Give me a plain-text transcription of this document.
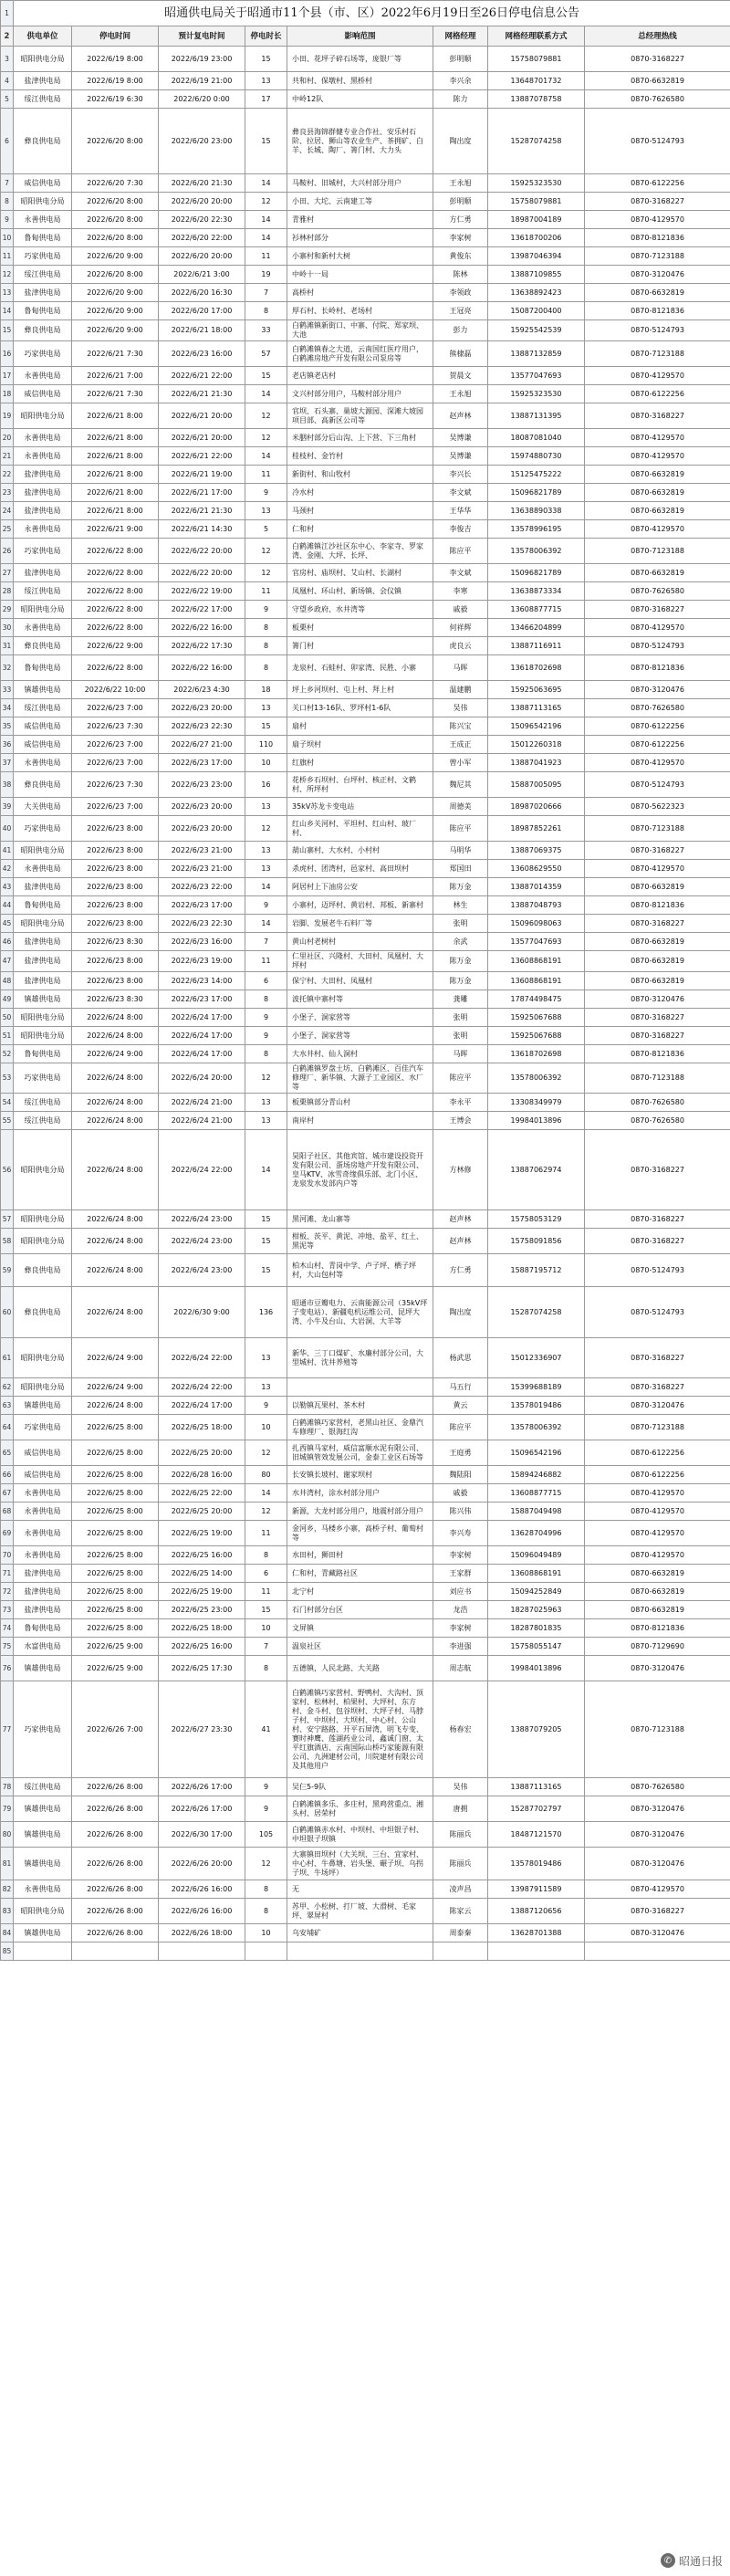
1	昭通供电局关于昭通市11个县（市、区）2022年6月19日至26日停电信息公告							
2	供电单位	停电时间	预计复电时间	停电时长	影响范围	网格经理	网格经理联系方式	总经理热线
3	昭阳供电分局	2022/6/19 8:00	2022/6/19 23:00	15	小田、花坪子碎石场等，庞银厂等	彭明顺	15758079881	0870-3168227
4	盐津供电局	2022/6/19 8:00	2022/6/19 21:00	13	共和村、保墩村、黑桥村	李兴余	13648701732	0870-6632819
5	绥江供电局	2022/6/19 6:30	2022/6/20 0:00	17	中岭12队	陈力	13887078758	0870-7626580
6	彝良供电局	2022/6/20 8:00	2022/6/20 23:00	15	彝良县海锦群健专业合作社、安乐村石阶、拉居、狮山等农业生产、茶拥矿、白羊、长城、陶厂、箐门村、大力头	陶出度	15287074258	0870-5124793
7	威信供电局	2022/6/20 7:30	2022/6/20 21:30	14	马鞍村、旧城村，大兴村部分用户	王永旭	15925323530	0870-6122256
8	昭阳供电分局	2022/6/20 8:00	2022/6/20 20:00	12	小田、大坨、云南建工等	彭明顺	15758079881	0870-3168227
9	永善供电局	2022/6/20 8:00	2022/6/20 22:30	14	青雅村	方仁勇	18987004189	0870-4129570
10	鲁甸供电局	2022/6/20 8:00	2022/6/20 22:00	14	衫林村部分	李家树	13618700206	0870-8121836
11	巧家供电局	2022/6/20 9:00	2022/6/20 20:00	11	小寨村和新村大树	黄俊东	13987046394	0870-7123188
12	绥江供电局	2022/6/20 8:00	2022/6/21 3:00	19	中岭十一局	陈林	13887109855	0870-3120476
13	盐津供电局	2022/6/20 9:00	2022/6/20 16:30	7	高桥村	李领政	13638892423	0870-6632819
14	鲁甸供电局	2022/6/20 9:00	2022/6/20 17:00	8	厚石村、长岭村、老场村	王冠亮	15087200400	0870-8121836
15	彝良供电局	2022/6/20 9:00	2022/6/21 18:00	33	白鹤滩镇新街口、中寨、付院、郑家坝、大池	彭力	15925542539	0870-5124793
16	巧家供电局	2022/6/21 7:30	2022/6/23 16:00	57	白鹤滩镇春之大道，云南国红医疗用户，白鹤滩房地产开发有限公司泵房等	熊棣磊	13887132859	0870-7123188
17	永善供电局	2022/6/21 7:00	2022/6/21 22:00	15	老店镇老店村	贺晨文	13577047693	0870-4129570
18	威信供电局	2022/6/21 7:30	2022/6/21 21:30	14	文兴村部分用户，马鞍村部分用户	王永旭	15925323530	0870-6122256
19	昭阳供电分局	2022/6/21 8:00	2022/6/21 20:00	12	官坝、石头寨、巢坡大源园、深滩大坡园项目部、高新区公司等	赵声林	13887131395	0870-3168227
20	永善供电局	2022/6/21 8:00	2022/6/21 20:00	12	米胭村部分后山沟、上下营、下三角村	吴博谦	18087081040	0870-4129570
21	永善供电局	2022/6/21 8:00	2022/6/21 22:00	14	桂枝村、金竹村	吴博谦	15974880730	0870-4129570
22	盐津供电局	2022/6/21 8:00	2022/6/21 19:00	11	新街村、和山牧村	李兴长	15125475222	0870-6632819
23	盐津供电局	2022/6/21 8:00	2022/6/21 17:00	9	冷水村	李文斌	15096821789	0870-6632819
24	盐津供电局	2022/6/21 8:00	2022/6/21 21:30	13	马颈村	王华华	13638890338	0870-6632819
25	永善供电局	2022/6/21 9:00	2022/6/21 14:30	5	仁和村	李俊吉	13578996195	0870-4129570
26	巧家供电局	2022/6/22 8:00	2022/6/22 20:00	12	白鹤滩镇江沙社区东中心、李家寺、罗家湾、金刚、大坪、长坪、	陈应平	13578006392	0870-7123188
27	盐津供电局	2022/6/22 8:00	2022/6/22 20:00	12	官房村、庙坝村、艾山村、长湖村	李文斌	15096821789	0870-6632819
28	绥江供电局	2022/6/22 8:00	2022/6/22 19:00	11	凤凰村、环山村、新场镇、会仪镇	李寒	13638873334	0870-7626580
29	昭阳供电分局	2022/6/22 8:00	2022/6/22 17:00	9	守望乡政府、水井湾等	戚毅	13608877715	0870-3168227
30	永善供电局	2022/6/22 8:00	2022/6/22 16:00	8	板栗村	何祥辉	13466204899	0870-4129570
31	彝良供电局	2022/6/22 9:00	2022/6/22 17:30	8	箐门村	虎良云	13887116911	0870-5124793
32	鲁甸供电局	2022/6/22 8:00	2022/6/22 16:00	8	龙泉村、石蛙村、卯家湾、民胜、小寨	马晖	13618702698	0870-8121836
33	镇雄供电局	2022/6/22 10:00	2022/6/23 4:30	18	坪上乡河坝村、屯上村、拜上村	温建鹏	15925063695	0870-3120476
34	绥江供电局	2022/6/23 7:00	2022/6/23 20:00	13	关口村13-16队、罗坪村1-6队	吴伟	13887113165	0870-7626580
35	威信供电局	2022/6/23 7:30	2022/6/23 22:30	15	扇村	陈兴宝	15096542196	0870-6122256
36	威信供电局	2022/6/23 7:00	2022/6/27 21:00	110	扇子坝村	王成正	15012260318	0870-6122256
37	永善供电局	2022/6/23 7:00	2022/6/23 17:00	10	红旗村	曾小军	13887041923	0870-4129570
38	彝良供电局	2022/6/23 7:30	2022/6/23 23:00	16	花桥乡石坝村、台坪村、核正村、文鹤村、所坪村	魏尼其	15887005095	0870-5124793
39	大关供电局	2022/6/23 7:00	2022/6/23 20:00	13	35kV苏龙卡变电站	周德美	18987020666	0870-5622323
40	巧家供电局	2022/6/23 8:00	2022/6/23 20:00	12	红山乡关河村、平坦村、红山村、玻厂村、	陈应平	18987852261	0870-7123188
41	昭阳供电分局	2022/6/23 8:00	2022/6/23 21:00	13	葫山寨村、大水村、小村村	马明华	13887069375	0870-3168227
42	永善供电局	2022/6/23 8:00	2022/6/23 21:00	13	杀虎村、团湾村，邑家村、高田坝村	郑国田	13608629550	0870-4129570
43	盐津供电局	2022/6/23 8:00	2022/6/23 22:00	14	阿居村上下油房公安	陈万金	13887014359	0870-6632819
44	鲁甸供电局	2022/6/23 8:00	2022/6/23 17:00	9	小寨村，迈坪村、黄岩村、邦板、新寨村	林生	13887048793	0870-8121836
45	昭阳供电分局	2022/6/23 8:00	2022/6/23 22:30	14	岩脚、发展老牛石料厂等	张明	15096098063	0870-3168227
46	盐津供电局	2022/6/23 8:30	2022/6/23 16:00	7	黄山村老树村	余武	13577047693	0870-6632819
47	盐津供电局	2022/6/23 8:00	2022/6/23 19:00	11	仁里社区、兴隆村、大田村、凤凰村、大坪村	陈万金	13608868191	0870-6632819
48	盐津供电局	2022/6/23 8:00	2022/6/23 14:00	6	保宁村、大田村、凤凰村	陈万金	13608868191	0870-6632819
49	镇雄供电局	2022/6/23 8:30	2022/6/23 17:00	8	波托镇中寨村等	龚雕	17874498475	0870-3120476
50	昭阳供电分局	2022/6/24 8:00	2022/6/24 17:00	9	小堡子、洞家营等	张明	15925067688	0870-3168227
51	昭阳供电分局	2022/6/24 8:00	2022/6/24 17:00	9	小堡子、洞家营等	张明	15925067688	0870-3168227
52	鲁甸供电局	2022/6/24 9:00	2022/6/24 17:00	8	大水井村、仙人洞村	马晖	13618702698	0870-8121836
53	巧家供电局	2022/6/24 8:00	2022/6/24 20:00	12	白鹤滩镇罗盘土坊、白鹤滩区、百佳汽车修理厂、新华镇、大源子工业园区、水厂等	陈应平	13578006392	0870-7123188
54	绥江供电局	2022/6/24 8:00	2022/6/24 21:00	13	板栗镇部分青山村	李永平	13308349979	0870-7626580
55	绥江供电局	2022/6/24 8:00	2022/6/24 21:00	13	南岸村	王博会	19984013896	0870-7626580
56	昭阳供电分局	2022/6/24 8:00	2022/6/24 22:00	14	昊阳子社区、其他宾馆、城市建设投资开发有限公司、蛋场房地产开发有限公司、皇马KTV、冰雪奇缘俱乐部、北门小区、龙泉发水发部内户等	方林修	13887062974	0870-3168227
57	昭阳供电分局	2022/6/24 8:00	2022/6/24 23:00	15	黑河滩、龙山寨等	赵声林	15758053129	0870-3168227
58	昭阳供电分局	2022/6/24 8:00	2022/6/24 23:00	15	柑板、茨平、黄泥、冲地、盐平、红土、黑泥等	赵声林	15758091856	0870-3168227
59	彝良供电局	2022/6/24 8:00	2022/6/24 23:00	15	柏木山村、青岗中学、卢子坪、栖子坪村，大山包村等	方仁勇	15887195712	0870-5124793
60	彝良供电局	2022/6/24 8:00	2022/6/30 9:00	136	昭通市豆瓣电力、云南能源公司（35kV坪子变电站）、新疆电机运维公司、昆坪大湾、小牛及台山、大岩洞、大羊等	陶出度	15287074258	0870-5124793
61	昭阳供电分局	2022/6/24 9:00	2022/6/24 22:00	13	新华、三丁口煤矿、水廉村部分公司，大型城村、沈井养殖等	杨武思	15012336907	0870-3168227
62	昭阳供电分局	2022/6/24 9:00	2022/6/24 22:00	13		马五行	15399688189	0870-3168227
63	镇雄供电局	2022/6/24 8:00	2022/6/24 17:00	9	以勒镇瓦果村、茶木村	黄云	13578019486	0870-3120476
64	巧家供电局	2022/6/25 8:00	2022/6/25 18:00	10	白鹤滩镇巧家营村，老黑山社区、金鼎汽车修理厂、银海红沟	陈应平	13578006392	0870-7123188
65	威信供电局	2022/6/25 8:00	2022/6/25 20:00	12	扎西镇马家村，威信富顺水泥有限公司、旧城镇管效发展公司，金泰工业区石场等	王庭勇	15096542196	0870-6122256
66	威信供电局	2022/6/25 8:00	2022/6/28 16:00	80	长安镇长坡村、谢家坝村	魏陆阳	15894246882	0870-6122256
67	永善供电局	2022/6/25 8:00	2022/6/25 22:00	14	水井湾村，涂水村部分用户	戚毅	13608877715	0870-4129570
68	永善供电局	2022/6/25 8:00	2022/6/25 20:00	12	新源，大龙村部分用户，地震村部分用户	陈兴伟	15887049498	0870-4129570
69	永善供电局	2022/6/25 8:00	2022/6/25 19:00	11	金河乡，马楼乡小寨，高桥子村、葡萄村等	李兴寿	13628704996	0870-4129570
70	永善供电局	2022/6/25 8:00	2022/6/25 16:00	8	水田村，狮田村	李家树	15096049489	0870-4129570
71	盐津供电局	2022/6/25 8:00	2022/6/25 14:00	6	仁和村，青藏路社区	王家群	13608868191	0870-6632819
72	盐津供电局	2022/6/25 8:00	2022/6/25 19:00	11	北宁村	刘应书	15094252849	0870-6632819
73	盐津供电局	2022/6/25 8:00	2022/6/25 23:00	15	石门村部分台区	龙浩	18287025963	0870-6632819
74	鲁甸供电局	2022/6/25 8:00	2022/6/25 18:00	10	文屏镇	李家树	18287801835	0870-8121836
75	水富供电局	2022/6/25 9:00	2022/6/25 16:00	7	温泉社区	李进强	15758055147	0870-7129690
76	镇雄供电局	2022/6/25 9:00	2022/6/25 17:30	8	五德镇，人民北路、大关路	周志航	19984013896	0870-3120476
77	巧家供电局	2022/6/26 7:00	2022/6/27 23:30	41	白鹤滩镇巧家营村、野鸭村、大沟村、顶家村、松林村、柏果村、大坪村、东方村、金斗村、包谷坝村、大坪子村、马脖子村、中坝村、大坝村、中心村、公山村、安宁路路、开平石屏湾，明飞专变、赛时神鹰、莲湖药业公司，鑫诚门窗、太平红旗酒店、云南国际山桥巧家能源有限公司、九洲建材公司，川院建材有限公司及其他用户	杨春宏	13887079205	0870-7123188
78	绥江供电局	2022/6/26 8:00	2022/6/26 17:00	9	吴仨5-9队	吴伟	13887113165	0870-7626580
79	镇雄供电局	2022/6/26 8:00	2022/6/26 17:00	9	白鹤滩镇多乐、多庄村，黑鸡营重点、湘头村、居荣村	唐拥	15287702797	0870-3120476
80	镇雄供电局	2022/6/26 8:00	2022/6/30 17:00	105	白鹤滩镇赤水村、中坝村、中坦银子村、中坦银子坝镇	陈丽兵	18487121570	0870-3120476
81	镇雄供电局	2022/6/26 8:00	2022/6/26 20:00	12	大寨镇田坝村（大关坝、三台、宜家村、中心村、牛鼻塘、岩头堡、碾子坝、乌拐子坝、牛场坪）	陈丽兵	13578019486	0870-3120476
82	永善供电局	2022/6/26 8:00	2022/6/26 16:00	8	无	凌声昌	13987911589	0870-4129570
83	昭阳供电分局	2022/6/26 8:00	2022/6/26 16:00	8	苏甲、小松树、打厂坡、大滑树、毛家坪、翠屏村	陈家云	13887120656	0870-3168227
84	镇雄供电局	2022/6/26 8:00	2022/6/26 18:00	10	乌安埔矿	周泰秦	13628701388	0870-3120476
85								
✆ 昭通日报
